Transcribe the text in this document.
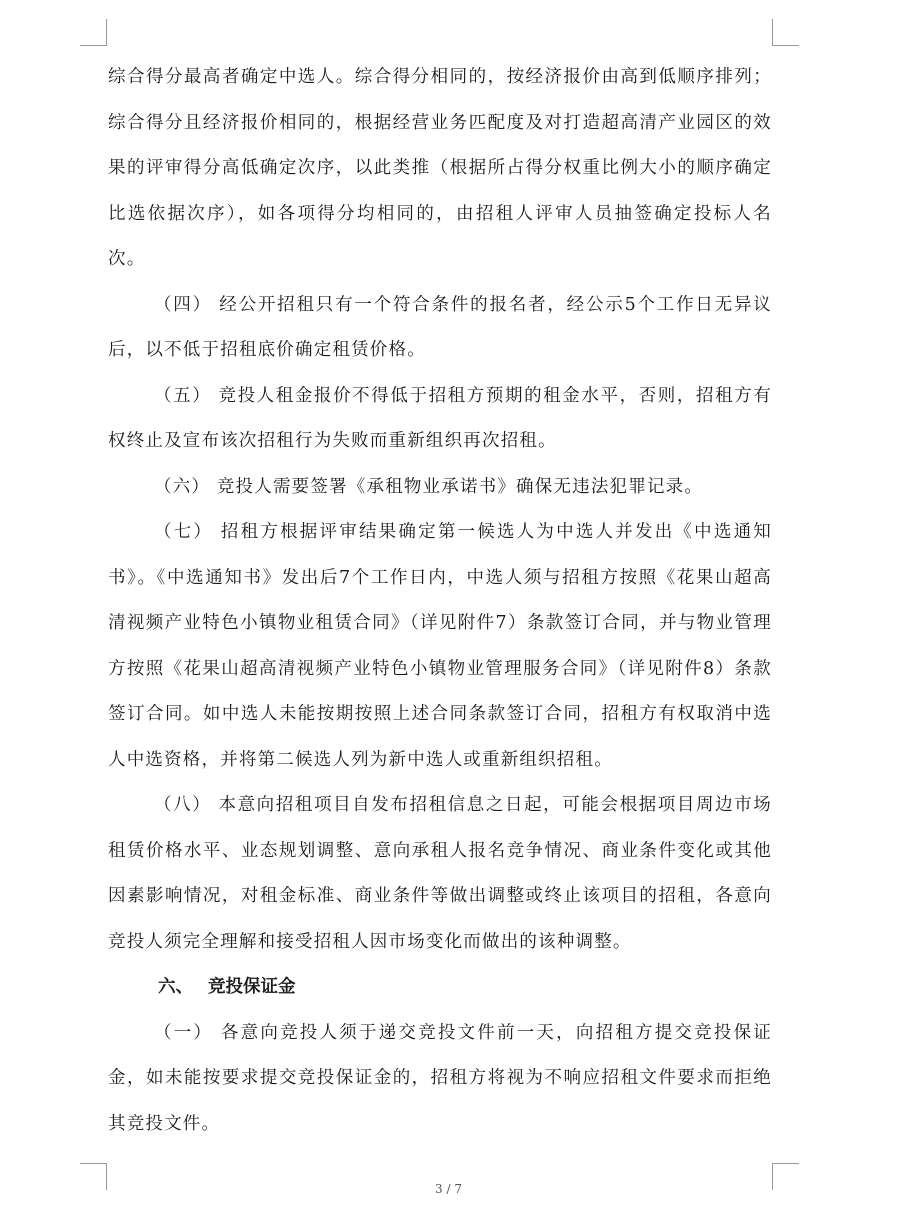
综合得分最高者确定中选人。综合得分相同的，按经济报价由高到低顺序排列；综合得分且经济报价相同的，根据经营业务匹配度及对打造超高清产业园区的效果的评审得分高低确定次序，以此类推（根据所占得分权重比例大小的顺序确定比选依据次序），如各项得分均相同的，由招租人评审人员抽签确定投标人名次。

（四） 经公开招租只有一个符合条件的报名者，经公示5个工作日无异议后，以不低于招租底价确定租赁价格。

（五） 竞投人租金报价不得低于招租方预期的租金水平，否则，招租方有权终止及宣布该次招租行为失败而重新组织再次招租。

（六） 竞投人需要签署《承租物业承诺书》确保无违法犯罪记录。

（七） 招租方根据评审结果确定第一候选人为中选人并发出《中选通知书》。《中选通知书》发出后7个工作日内，中选人须与招租方按照《花果山超高清视频产业特色小镇物业租赁合同》（详见附件7）条款签订合同，并与物业管理方按照《花果山超高清视频产业特色小镇物业管理服务合同》（详见附件8）条款签订合同。如中选人未能按期按照上述合同条款签订合同，招租方有权取消中选人中选资格，并将第二候选人列为新中选人或重新组织招租。

（八） 本意向招租项目自发布招租信息之日起，可能会根据项目周边市场租赁价格水平、业态规划调整、意向承租人报名竞争情况、商业条件变化或其他因素影响情况，对租金标准、商业条件等做出调整或终止该项目的招租，各意向竞投人须完全理解和接受招租人因市场变化而做出的该种调整。

六、 竞投保证金

（一） 各意向竞投人须于递交竞投文件前一天，向招租方提交竞投保证金，如未能按要求提交竞投保证金的，招租方将视为不响应招租文件要求而拒绝其竞投文件。

3 / 7
